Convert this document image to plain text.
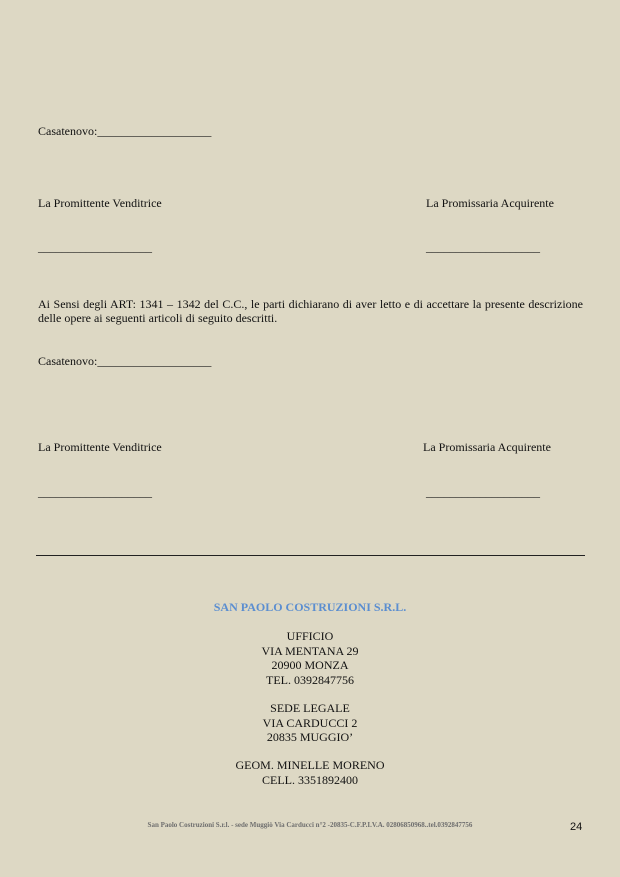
Casatenovo:___________________
La Promittente Venditrice	La Promissaria Acquirente
___________________	___________________
Ai Sensi degli ART: 1341 – 1342 del C.C., le parti dichiarano di aver letto e di accettare la presente descrizione delle opere ai seguenti articoli di seguito descritti.
Casatenovo:___________________
La Promittente Venditrice	La Promissaria Acquirente
___________________	___________________
SAN PAOLO COSTRUZIONI S.R.L.
UFFICIO
VIA MENTANA 29
20900 MONZA
TEL. 0392847756
SEDE LEGALE
VIA CARDUCCI 2
20835 MUGGIO’
GEOM. MINELLE MORENO
CELL. 3351892400
San Paolo Costruzioni S.r.l. - sede Muggiò Via Carducci n°2 -20835-C.F.P.I.V.A. 02806850968..tel.0392847756	24
